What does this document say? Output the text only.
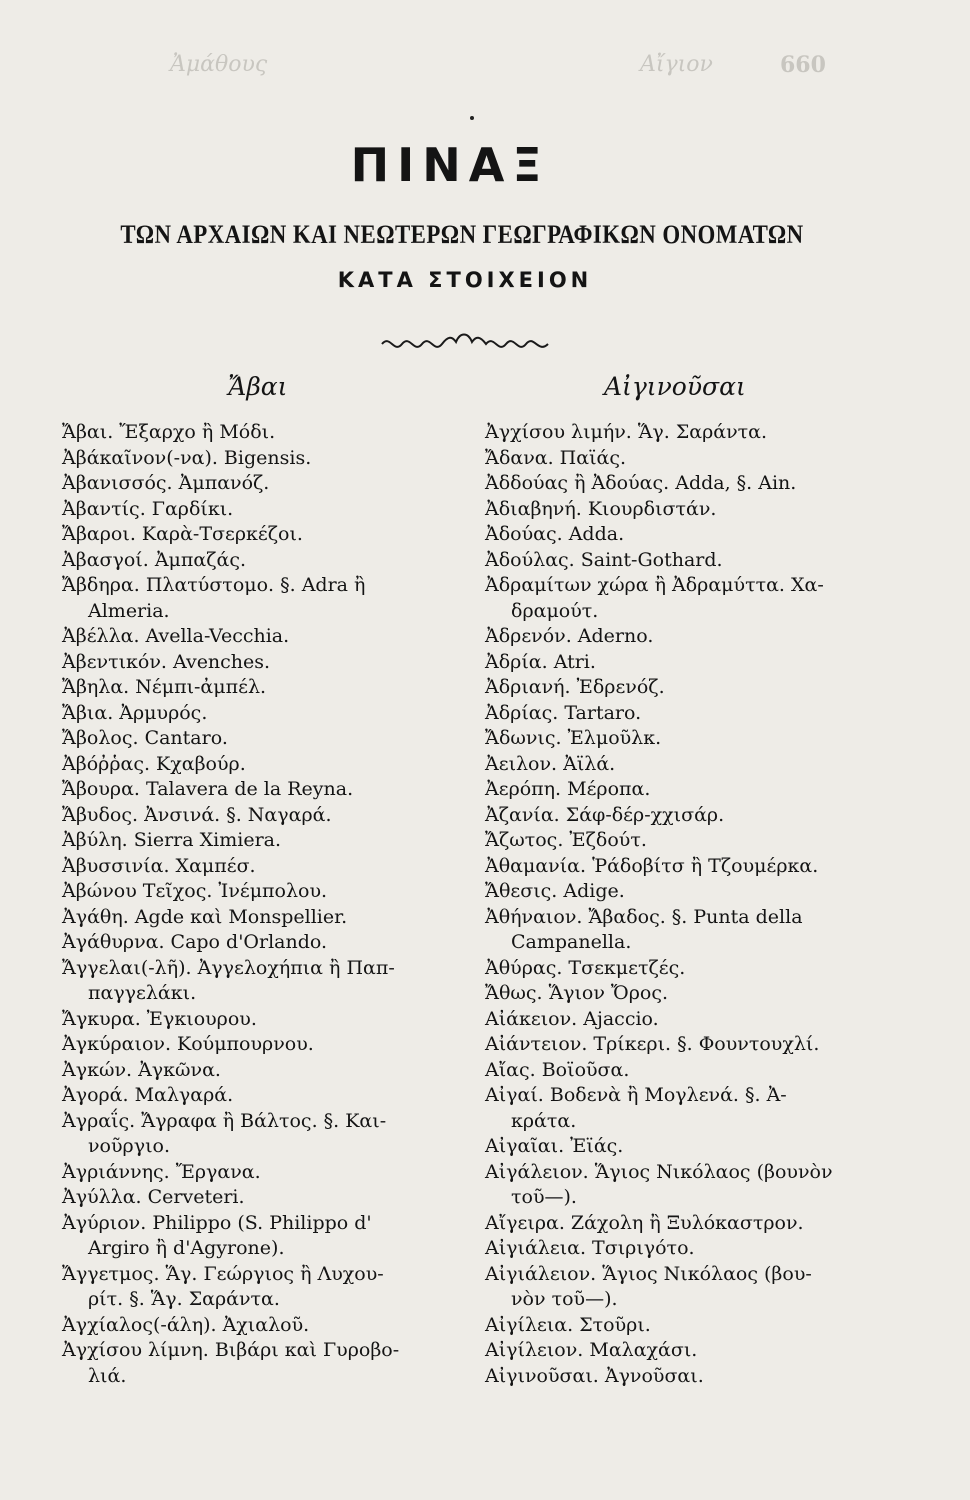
Ἀμάθους	Αἴγιον	660
ΠΙΝΑΞ
ΤΩΝ ΑΡΧΑΙΩΝ ΚΑΙ ΝΕΩΤΕΡΩΝ ΓΕΩΓΡΑΦΙΚΩΝ ΟΝΟΜΑΤΩΝ
ΚΑΤΑ ΣΤΟΙΧΕΙΟΝ
Ἄβαι	Αἰγινοῦσαι
Ἄβαι. Ἔξαρχο ἢ Μόδι.
Ἀβάκαῖνον(-να). Bigensis.
Ἀβανισσός. Ἀμπανόζ.
Ἀβαντίς. Γαρδίκι.
Ἄβαροι. Καρὰ-Τσερκέζοι.
Ἀβασγοί. Ἀμπαζάς.
Ἄβδηρα. Πλατύστομο. §. Adra ἢ
Almeria.
Ἀβέλλα. Avella-Vecchia.
Ἀβεντικόν. Avenches.
Ἄβηλα. Νέμπι-ἀμπέλ.
Ἄβια. Ἀρμυρός.
Ἄβολος. Cantaro.
Ἀβόῤῥας. Κχαβούρ.
Ἄβουρα. Talavera de la Reyna.
Ἄβυδος. Ἀνσινά. §. Ναγαρά.
Ἀβύλη. Sierra Ximiera.
Ἀβυσσινία. Χαμπέσ.
Ἀβώνου Τεῖχος. Ἰνέμπολου.
Ἀγάθη. Agde καὶ Monspellier.
Ἀγάθυρνα. Capo d'Orlando.
Ἄγγελαι(-λῆ). Ἀγγελοχήπια ἢ Παπ-
παγγελάκι.
Ἄγκυρα. Ἐγκιουρου.
Ἀγκύραιον. Κούμπουρνου.
Ἀγκών. Ἀγκῶνα.
Ἀγορά. Μαλγαρά.
Ἀγραΐς. Ἄγραφα ἢ Βάλτος. §. Και-
νοῦργιο.
Ἀγριάννης. Ἔργανα.
Ἀγύλλα. Cerveteri.
Ἀγύριον. Philippo (S. Philippo d'
Argiro ἢ d'Agyrone).
Ἄγγετμος. Ἅγ. Γεώργιος ἢ Λυχου-
ρίτ. §. Ἅγ. Σαράντα.
Ἀγχίαλος(-άλη). Ἀχιαλοῦ.
Ἀγχίσου λίμνη. Βιβάρι καὶ Γυροβο-
λιά.
Ἀγχίσου λιμήν. Ἅγ. Σαράντα.
Ἄδανα. Παϊάς.
Ἀδδούας ἢ Ἀδούας. Adda, §. Ain.
Ἀδιαβηνή. Κιουρδιστάν.
Ἀδούας. Adda.
Ἀδούλας. Saint-Gothard.
Ἀδραμίτων χώρα ἢ Ἀδραμύττα. Χα-
δραμούτ.
Ἀδρενόν. Aderno.
Ἀδρία. Atri.
Ἀδριανή. Ἐδρενόζ.
Ἀδρίας. Tartaro.
Ἄδωνις. Ἐλμοῦλκ.
Ἀειλον. Ἀϊλά.
Ἀερόπη. Μέροπα.
Ἀζανία. Σάφ-δέρ-χχισάρ.
Ἄζωτος. Ἐζδούτ.
Ἀθαμανία. Ῥάδοβίτσ ἢ Τζουμέρκα.
Ἄθεσις. Adige.
Ἀθήναιον. Ἄβαδος. §. Punta della
Campanella.
Ἀθύρας. Τσεκμετζές.
Ἄθως. Ἅγιον Ὄρος.
Αἰάκειον. Ajaccio.
Αἰάντειον. Τρίκερι. §. Φουντουχλί.
Αἴας. Βοϊοῦσα.
Αἰγαί. Βοδενὰ ἢ Μογλενά. §. Ἀ-
κράτα.
Αἰγαῖαι. Ἐϊάς.
Αἰγάλειον. Ἅγιος Νικόλαος (βουνὸν
τοῦ—).
Αἴγειρα. Ζάχολη ἢ Ξυλόκαστρον.
Αἰγιάλεια. Τσιριγότο.
Αἰγιάλειον. Ἅγιος Νικόλαος (βου-
νὸν τοῦ—).
Αἰγίλεια. Στοῦρι.
Αἰγίλειον. Μαλαχάσι.
Αἰγινοῦσαι. Ἀγνοῦσαι.
